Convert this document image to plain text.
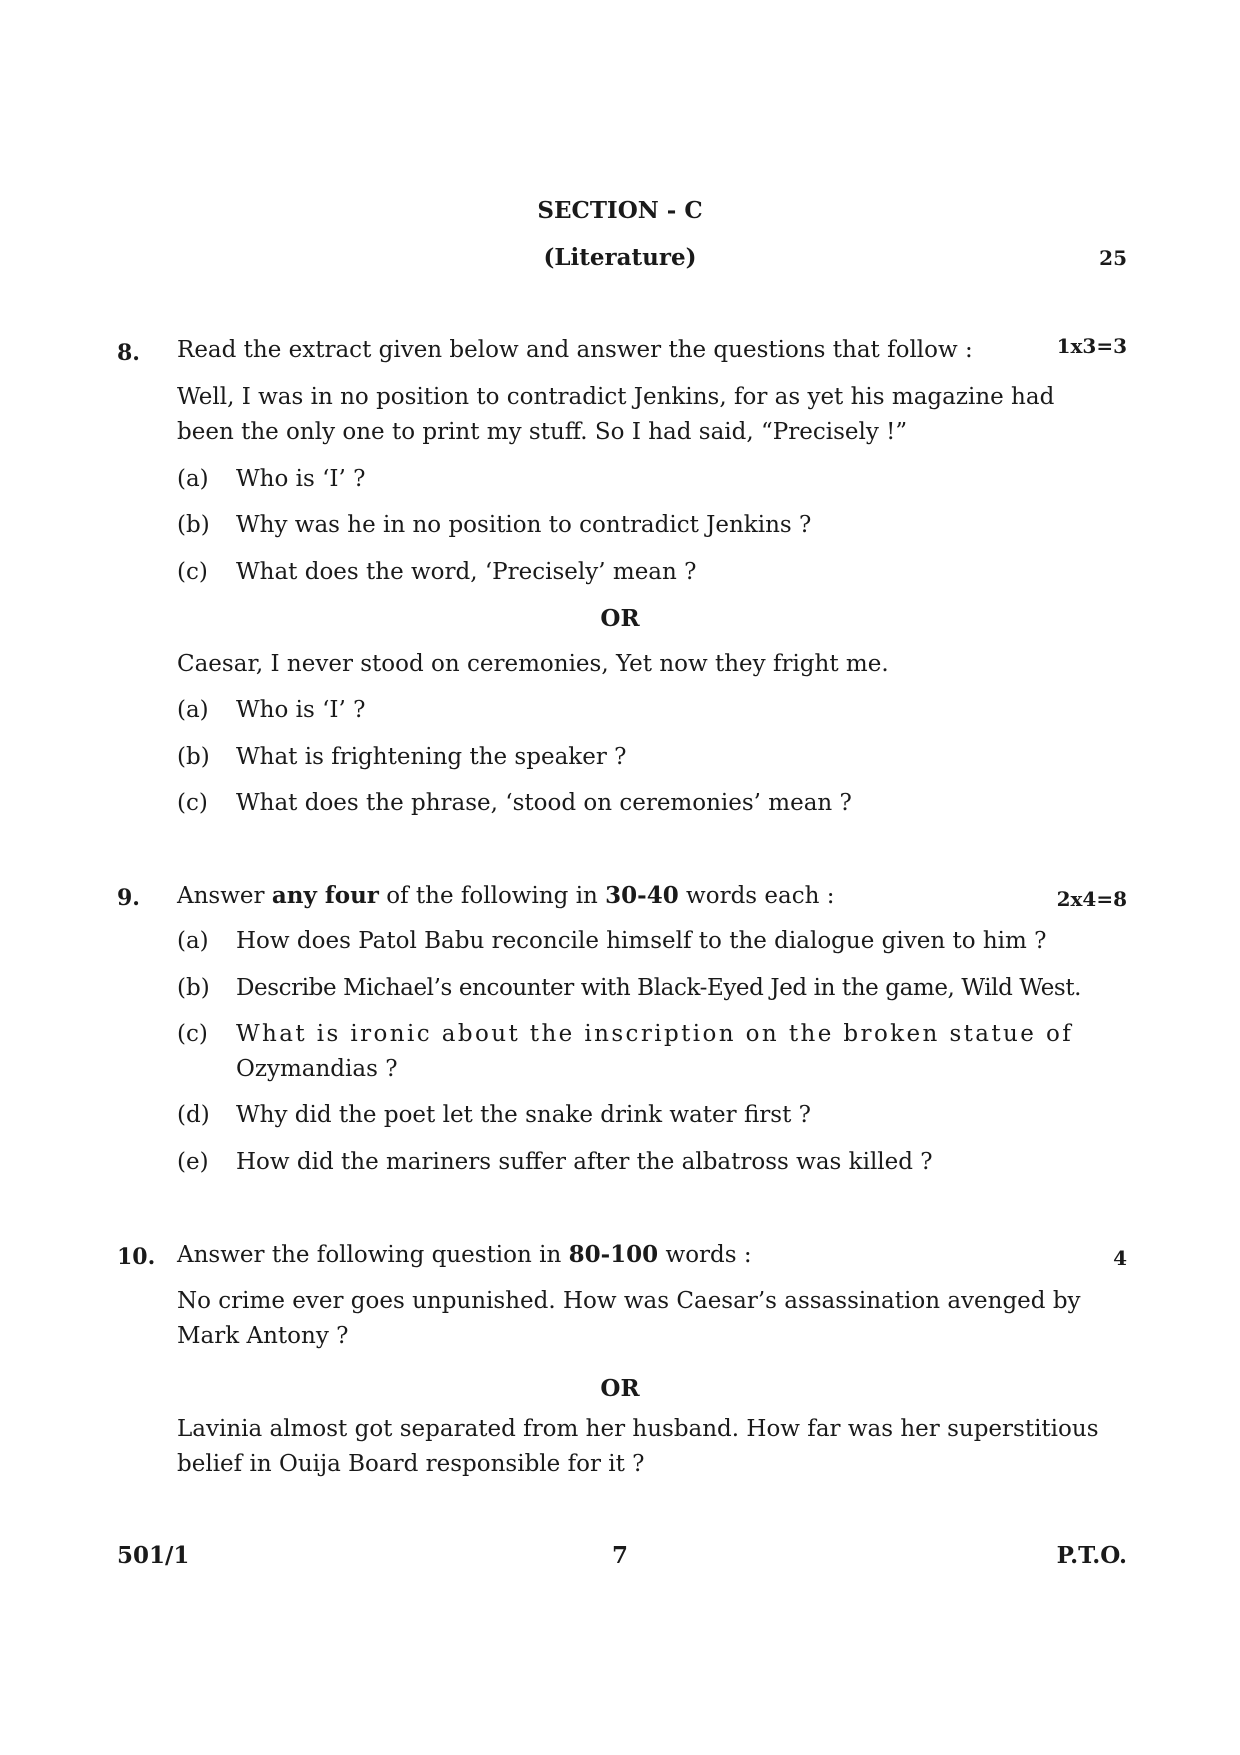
SECTION - C
(Literature)	25
8. Read the extract given below and answer the questions that follow :	1x3=3
Well, I was in no position to contradict Jenkins, for as yet his magazine had
been the only one to print my stuff. So I had said, “Precisely !”
(a) Who is ‘I’ ?
(b) Why was he in no position to contradict Jenkins ?
(c) What does the word, ‘Precisely’ mean ?
OR
Caesar, I never stood on ceremonies, Yet now they fright me.
(a) Who is ‘I’ ?
(b) What is frightening the speaker ?
(c) What does the phrase, ‘stood on ceremonies’ mean ?
9. Answer any four of the following in 30-40 words each :	2x4=8
(a) How does Patol Babu reconcile himself to the dialogue given to him ?
(b) Describe Michael’s encounter with Black-Eyed Jed in the game, Wild West.
(c) What is ironic about the inscription on the broken statue of
Ozymandias ?
(d) Why did the poet let the snake drink water first ?
(e) How did the mariners suffer after the albatross was killed ?
10. Answer the following question in 80-100 words :	4
No crime ever goes unpunished. How was Caesar’s assassination avenged by
Mark Antony ?
OR
Lavinia almost got separated from her husband. How far was her superstitious
belief in Ouija Board responsible for it ?
501/1	7	P.T.O.
